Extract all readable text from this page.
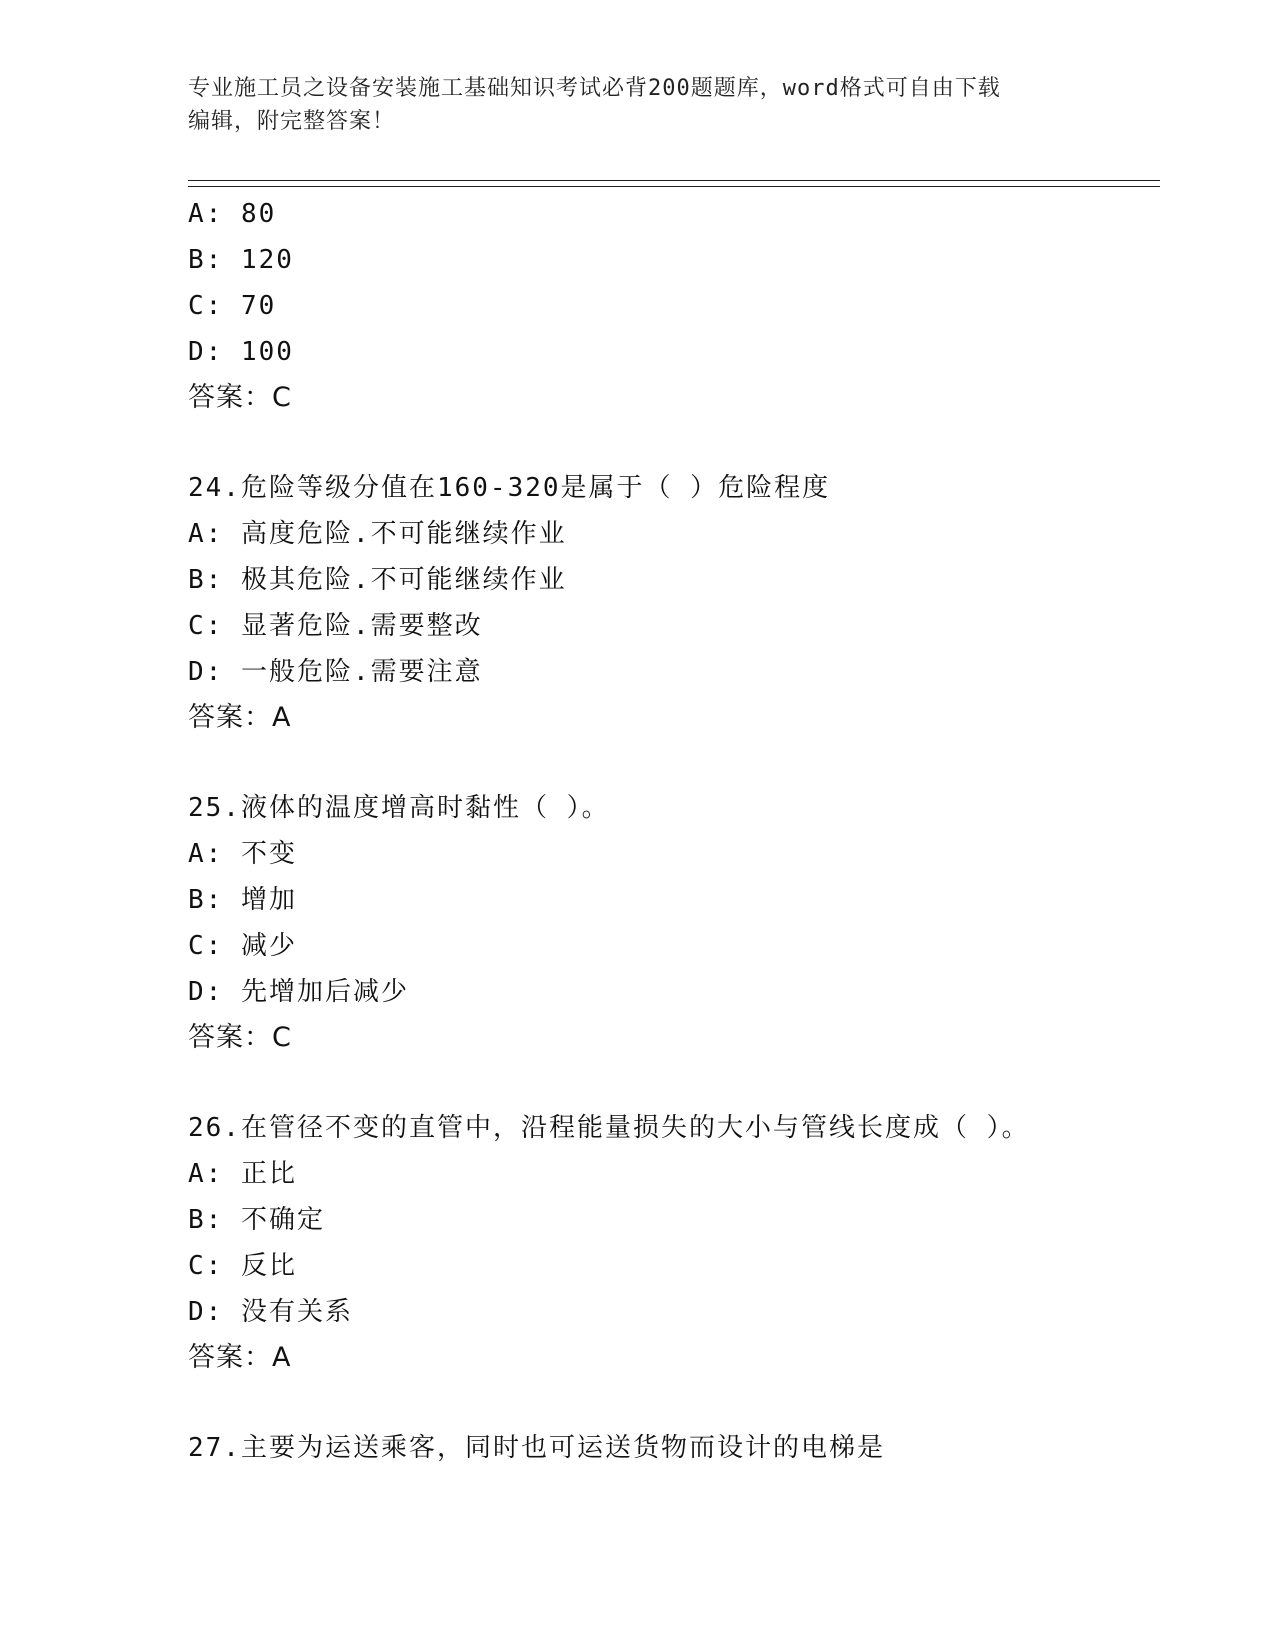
专业施工员之设备安装施工基础知识考试必背200题题库，word格式可自由下载
编辑，附完整答案！
A: 80
B: 120
C: 70
D: 100
答案：C
24.危险等级分值在160-320是属于（ ）危险程度
A: 高度危险.不可能继续作业
B: 极其危险.不可能继续作业
C: 显著危险.需要整改
D: 一般危险.需要注意
答案：A
25.液体的温度增高时黏性（ ）。
A: 不变
B: 增加
C: 减少
D: 先增加后减少
答案：C
26.在管径不变的直管中，沿程能量损失的大小与管线长度成（ ）。
A: 正比
B: 不确定
C: 反比
D: 没有关系
答案：A
27.主要为运送乘客，同时也可运送货物而设计的电梯是
